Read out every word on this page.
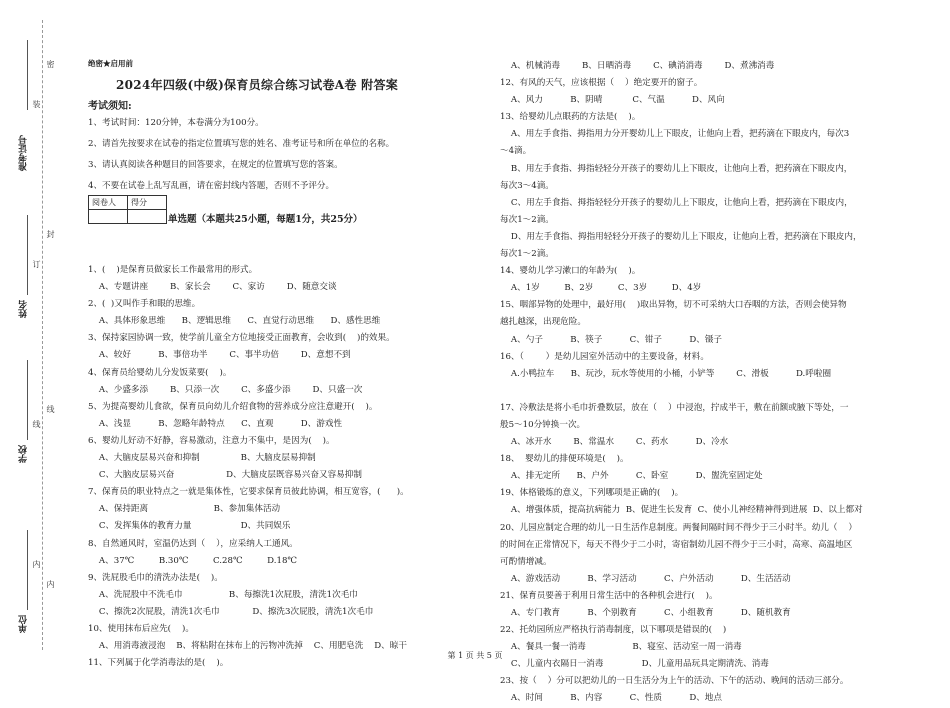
密
封
线
内
装
订
线
内
准考证号
姓名
学校
单位
绝密★启用前
2024年四级(中级)保育员综合练习试卷A卷 附答案
考试须知:
1、考试时间：120分钟，本卷满分为100分。
2、请首先按要求在试卷的指定位置填写您的姓名、准考证号和所在单位的名称。
3、请认真阅读各种题目的回答要求，在规定的位置填写您的答案。
4、不要在试卷上乱写乱画，请在密封线内答题，否则不予评分。
阅卷人	得分

单选题（本题共25小题，每题1分，共25分）
1、(    )是保育员做家长工作最常用的形式。
A、专题讲座        B、家长会        C、家访        D、随意交谈
2、(  )又叫作手和眼的思维。
A、具体形象思维      B、逻辑思维      C、直觉行动思维      D、感性思维
3、保持家园协调一致，使学前儿童全方位地接受正面教育，会收到(    )的效果。
A、较好          B、事倍功半        C、事半功倍        D、意想不到
4、保育员给婴幼儿分发饭菜要(    )。
A、少盛多添        B、只添一次        C、多盛少添        D、只盛一次
5、为提高婴幼儿食欲，保育员向幼儿介绍食物的营养成分应注意避开(    )。
A、浅显          B、忽略年龄特点      C、直观          D、游戏性
6、婴幼儿好动不好静，容易激动，注意力不集中，是因为(    )。
A、大脑皮层易兴奋和抑制               B、大脑皮层易抑制
C、大脑皮层易兴奋                   D、大脑皮层既容易兴奋又容易抑制
7、保育员的职业特点之一就是集体性，它要求保育员彼此协调，相互宽容，(      )。
A、保持距离                        B、参加集体活动
C、发挥集体的教育力量                  D、共同娱乐
8、自然通风时，室温仍达到（    ），应采纳人工通风。
A、37℃         B.30℃         C.28℃         D.18℃
9、洗屁股毛巾的清洗办法是(    )。
A、洗屁股中不洗毛巾                 B、每擦洗1次屁股，清洗1次毛巾
C、擦洗2次屁股，清洗1次毛巾            D、擦洗3次屁股，清洗1次毛巾
10、使用抹布后应先(    )。
A、用消毒液浸泡    B、将粘附在抹布上的污物冲洗掉    C、用肥皂洗    D、晾干
11、下列属于化学消毒法的是(    )。
A、机械消毒        B、日晒消毒        C、碘消消毒        D、煮沸消毒
12、有风的天气，应该根据（    ）绝定要开的窗子。
A、风力          B、阴晴           C、气温          D、风向
13、给婴幼儿点眼药的方法是(    )。
A、用左手食指、拇指用力分开婴幼儿上下眼皮，让他向上看，把药滴在下眼皮内，每次3
～4滴。
B、用左手食指、拇指轻轻分开孩子的婴幼儿上下眼皮，让他向上看，把药滴在下眼皮内，
每次3～4滴。
C、用左手食指、拇指轻轻分开孩子的婴幼儿上下眼皮，让他向上看，把药滴在下眼皮内，
每次1～2滴。
D、用左手食指、拇指用轻轻分开孩子的婴幼儿上下眼皮，让他向上看，把药滴在下眼皮内，
每次1～2滴。
14、婴幼儿学习漱口的年龄为(    )。
A、1岁         B、2岁         C、3岁         D、4岁
15、咽部异物的处理中，最好用(    )取出异物，切不可采纳大口吞咽的方法，否则会使异物
越扎越深，出现危险。
A、勺子          B、筷子          C、钳子          D、镊子
16、（        ）是幼儿园室外活动中的主要设备，材料。
A.小鸭拉车      B、玩沙，玩水等使用的小桶，小铲等        C、滑板          D.呼啦圈
17、冷敷法是将小毛巾折叠数层，放在（    ）中浸泡，拧成半干，敷在前额或腋下等处，一
般5～10分钟换一次。
A、冰开水        B、常温水        C、药水          D、冷水
18、  婴幼儿的排便环境是(    )。
A、排无定所      B、户外          C、卧室          D、盥洗室固定处
19、体格锻炼的意义，下列哪项是正确的(    )。
A、增强体质，提高抗病能力  B、促进生长发育  C、使小儿神经精神得到进展  D、以上都对
20、儿园应制定合理的幼儿一日生活作息制度。两餐间隔时间不得少于三小时半。幼儿（    ）
的时间在正常情况下，每天不得少于二小时，寄宿制幼儿园不得少于三小时，高寒、高温地区
可酌情增减。
A、游戏活动          B、学习活动          C、户外活动          D、生活活动
21、保育员要善于利用日常生活中的各种机会进行(    )。
A、专门教育          B、个别教育          C、小组教育          D、随机教育
22、托幼园所应严格执行消毒制度，以下哪项是错误的(    )
A、餐具一餐一消毒                 B、寝室、活动室一周一消毒
C、儿童内衣隔日一消毒              D、儿童用品玩具定期清洗、消毒
23、按（    ）分可以把幼儿的一日生活分为上午的活动、下午的活动、晚间的活动三部分。
A、时间          B、内容          C、性质          D、地点
第 1 页 共 5 页
